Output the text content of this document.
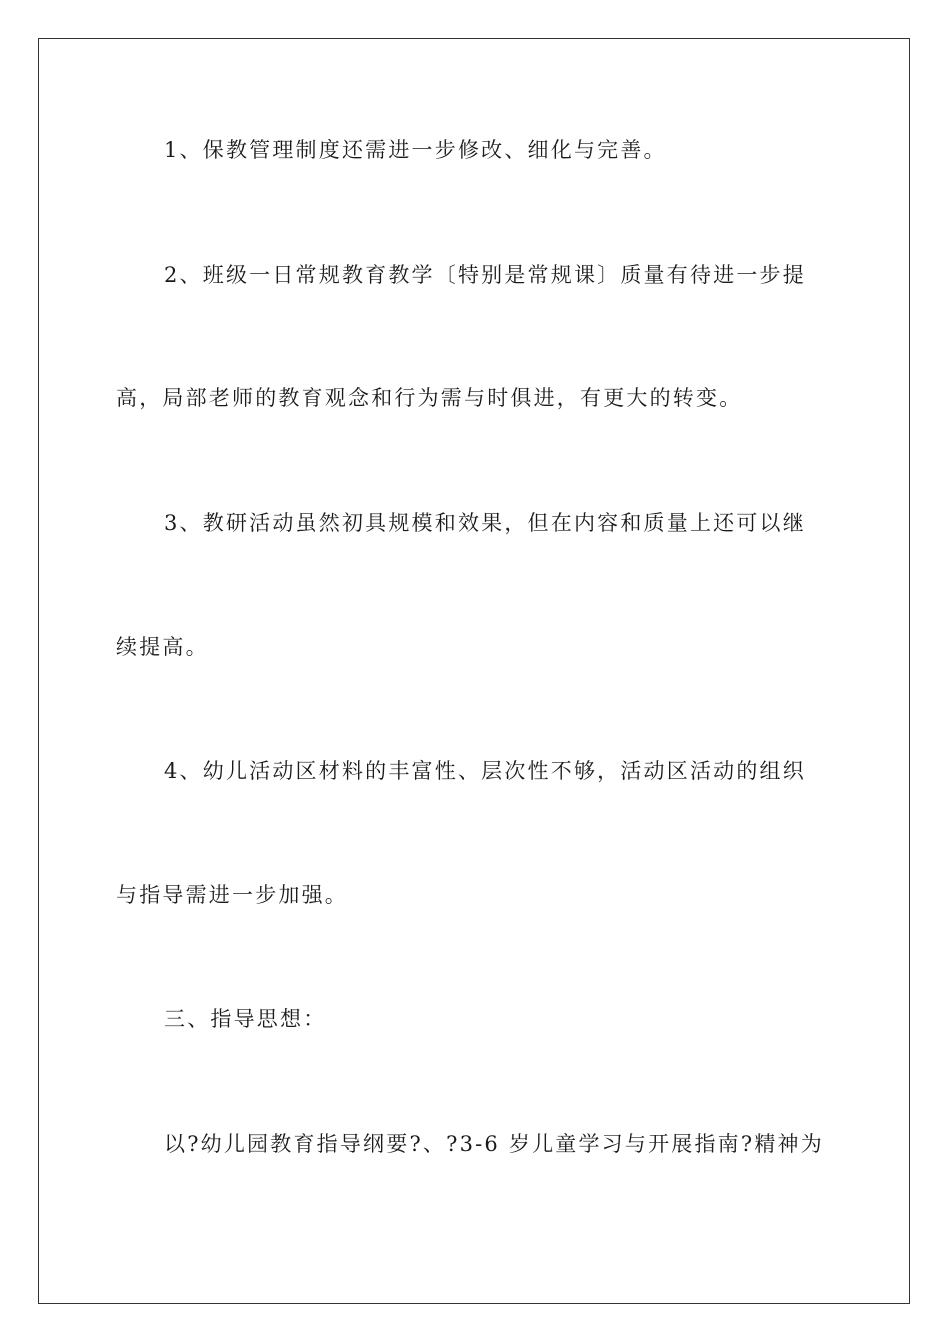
1、保教管理制度还需进一步修改、细化与完善。
2、班级一日常规教育教学〔特别是常规课〕质量有待进一步提
高，局部老师的教育观念和行为需与时俱进，有更大的转变。
3、教研活动虽然初具规模和效果，但在内容和质量上还可以继
续提高。
4、幼儿活动区材料的丰富性、层次性不够，活动区活动的组织
与指导需进一步加强。
三、指导思想：
以?幼儿园教育指导纲要?、?3-6 岁儿童学习与开展指南?精神为
